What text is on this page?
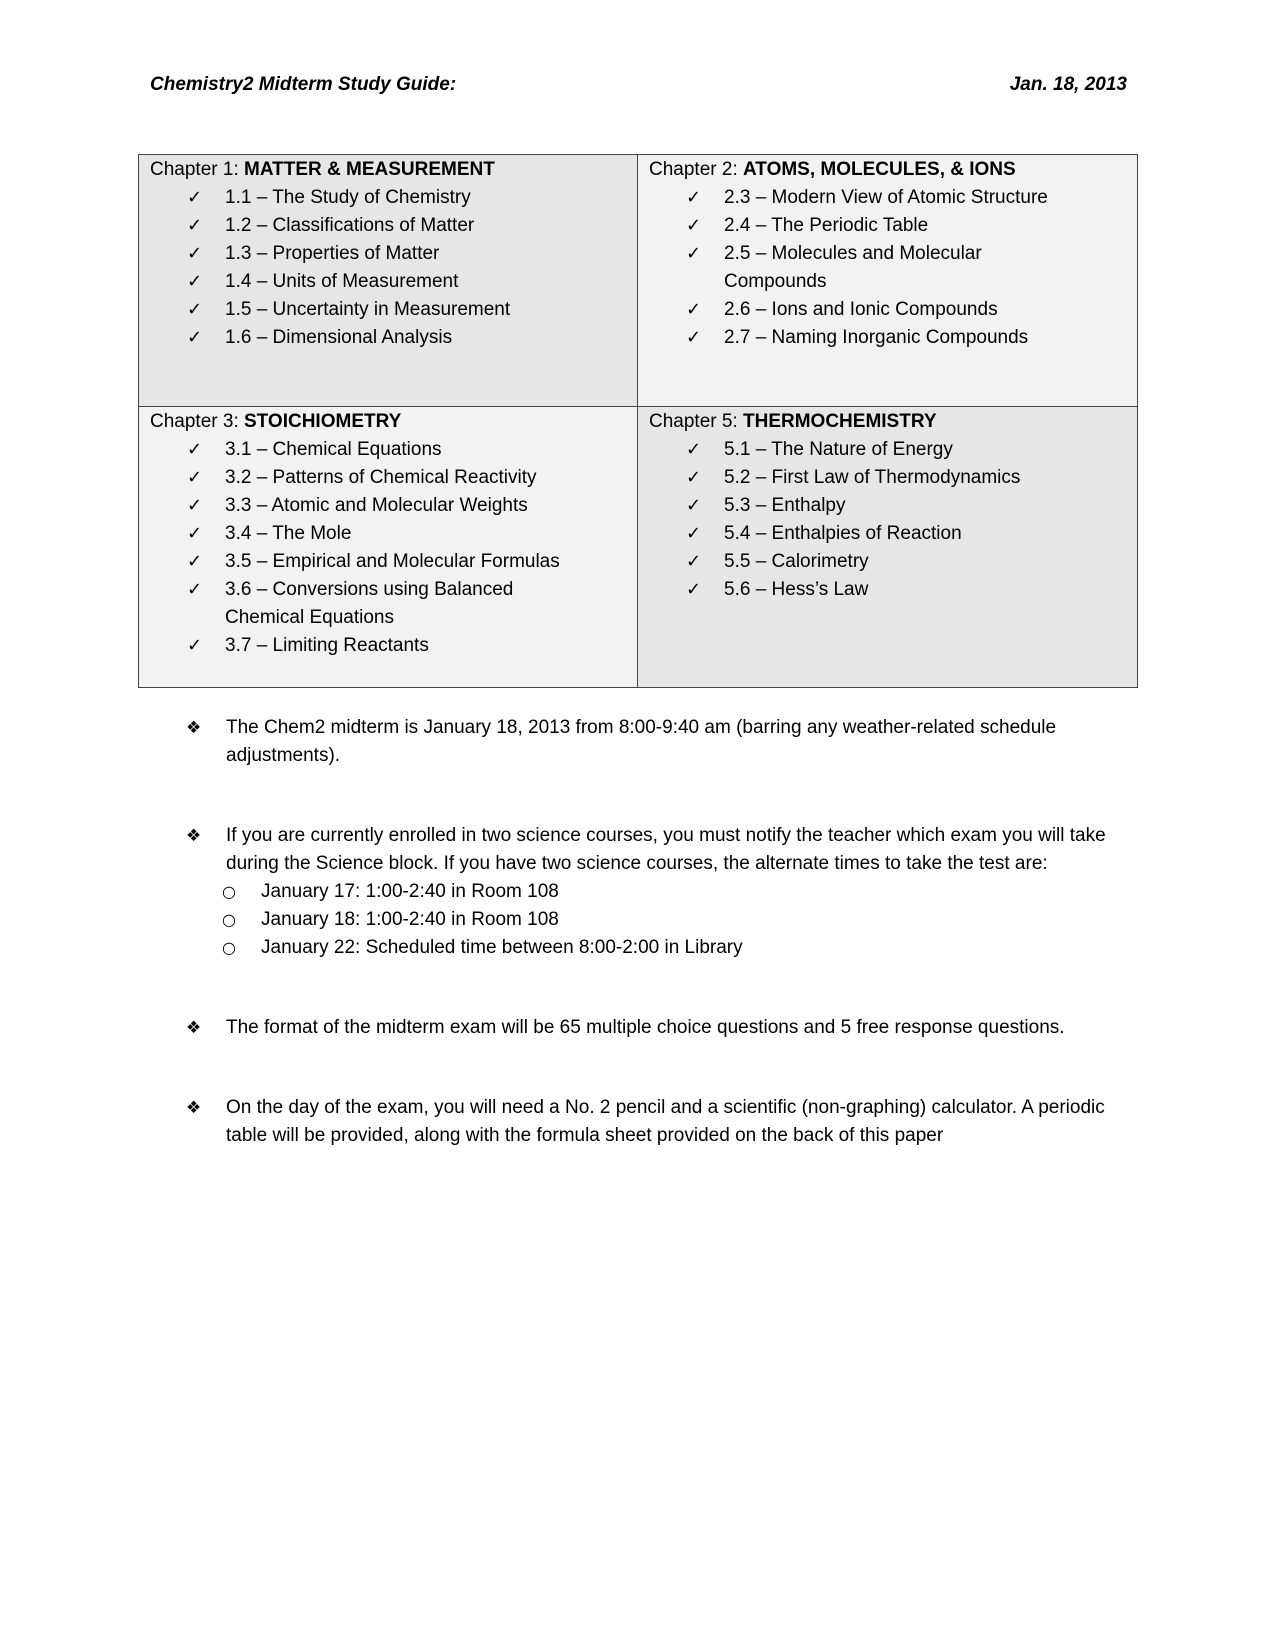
Chemistry2 Midterm Study Guide:	Jan. 18, 2013
Chapter 1: MATTER & MEASUREMENT
✓ 1.1 – The Study of Chemistry
✓ 1.2 – Classifications of Matter
✓ 1.3 – Properties of Matter
✓ 1.4 – Units of Measurement
✓ 1.5 – Uncertainty in Measurement
✓ 1.6 – Dimensional Analysis
Chapter 2: ATOMS, MOLECULES, & IONS
✓ 2.3 – Modern View of Atomic Structure
✓ 2.4 – The Periodic Table
✓ 2.5 – Molecules and Molecular Compounds
✓ 2.6 – Ions and Ionic Compounds
✓ 2.7 – Naming Inorganic Compounds
Chapter 3: STOICHIOMETRY
✓ 3.1 – Chemical Equations
✓ 3.2 – Patterns of Chemical Reactivity
✓ 3.3 – Atomic and Molecular Weights
✓ 3.4 – The Mole
✓ 3.5 – Empirical and Molecular Formulas
✓ 3.6 – Conversions using Balanced Chemical Equations
✓ 3.7 – Limiting Reactants
Chapter 5: THERMOCHEMISTRY
✓ 5.1 – The Nature of Energy
✓ 5.2 – First Law of Thermodynamics
✓ 5.3 – Enthalpy
✓ 5.4 – Enthalpies of Reaction
✓ 5.5 – Calorimetry
✓ 5.6 – Hess’s Law
❖ The Chem2 midterm is January 18, 2013 from 8:00-9:40 am (barring any weather-related schedule adjustments).
❖ If you are currently enrolled in two science courses, you must notify the teacher which exam you will take during the Science block. If you have two science courses, the alternate times to take the test are:
○ January 17: 1:00-2:40 in Room 108
○ January 18: 1:00-2:40 in Room 108
○ January 22: Scheduled time between 8:00-2:00 in Library
❖ The format of the midterm exam will be 65 multiple choice questions and 5 free response questions.
❖ On the day of the exam, you will need a No. 2 pencil and a scientific (non-graphing) calculator. A periodic table will be provided, along with the formula sheet provided on the back of this paper
